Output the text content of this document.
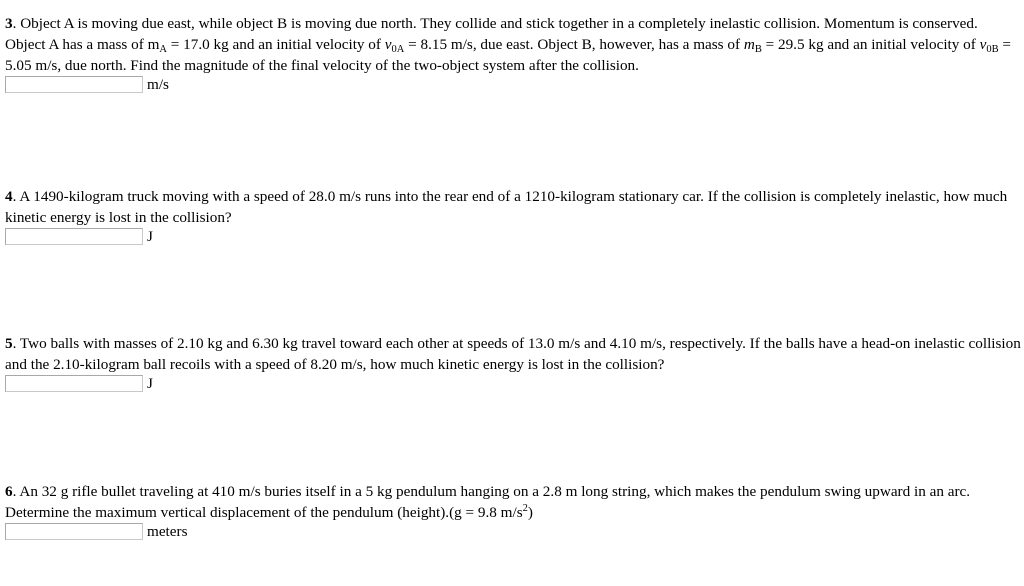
3. Object A is moving due east, while object B is moving due north. They collide and stick together in a completely inelastic collision. Momentum is conserved. Object A has a mass of $m_A = 17.0$ kg and an initial velocity of $v_{0A} = 8.15$ m/s, due east. Object B, however, has a mass of $m_B = 29.5$ kg and an initial velocity of $v_{0B} = 5.05$ m/s, due north. Find the magnitude of the final velocity of the two-object system after the collision.

m/s

4. A 1490-kilogram truck moving with a speed of 28.0 m/s runs into the rear end of a 1210-kilogram stationary car. If the collision is completely inelastic, how much kinetic energy is lost in the collision?

J

5. Two balls with masses of 2.10 kg and 6.30 kg travel toward each other at speeds of 13.0 m/s and 4.10 m/s, respectively. If the balls have a head-on inelastic collision and the 2.10-kilogram ball recoils with a speed of 8.20 m/s, how much kinetic energy is lost in the collision?

J

6. An 32 g rifle bullet traveling at 410 m/s buries itself in a 5 kg pendulum hanging on a 2.8 m long string, which makes the pendulum swing upward in an arc. Determine the maximum vertical displacement of the pendulum (height).(g = 9.8 $m/s^2$)

meters
